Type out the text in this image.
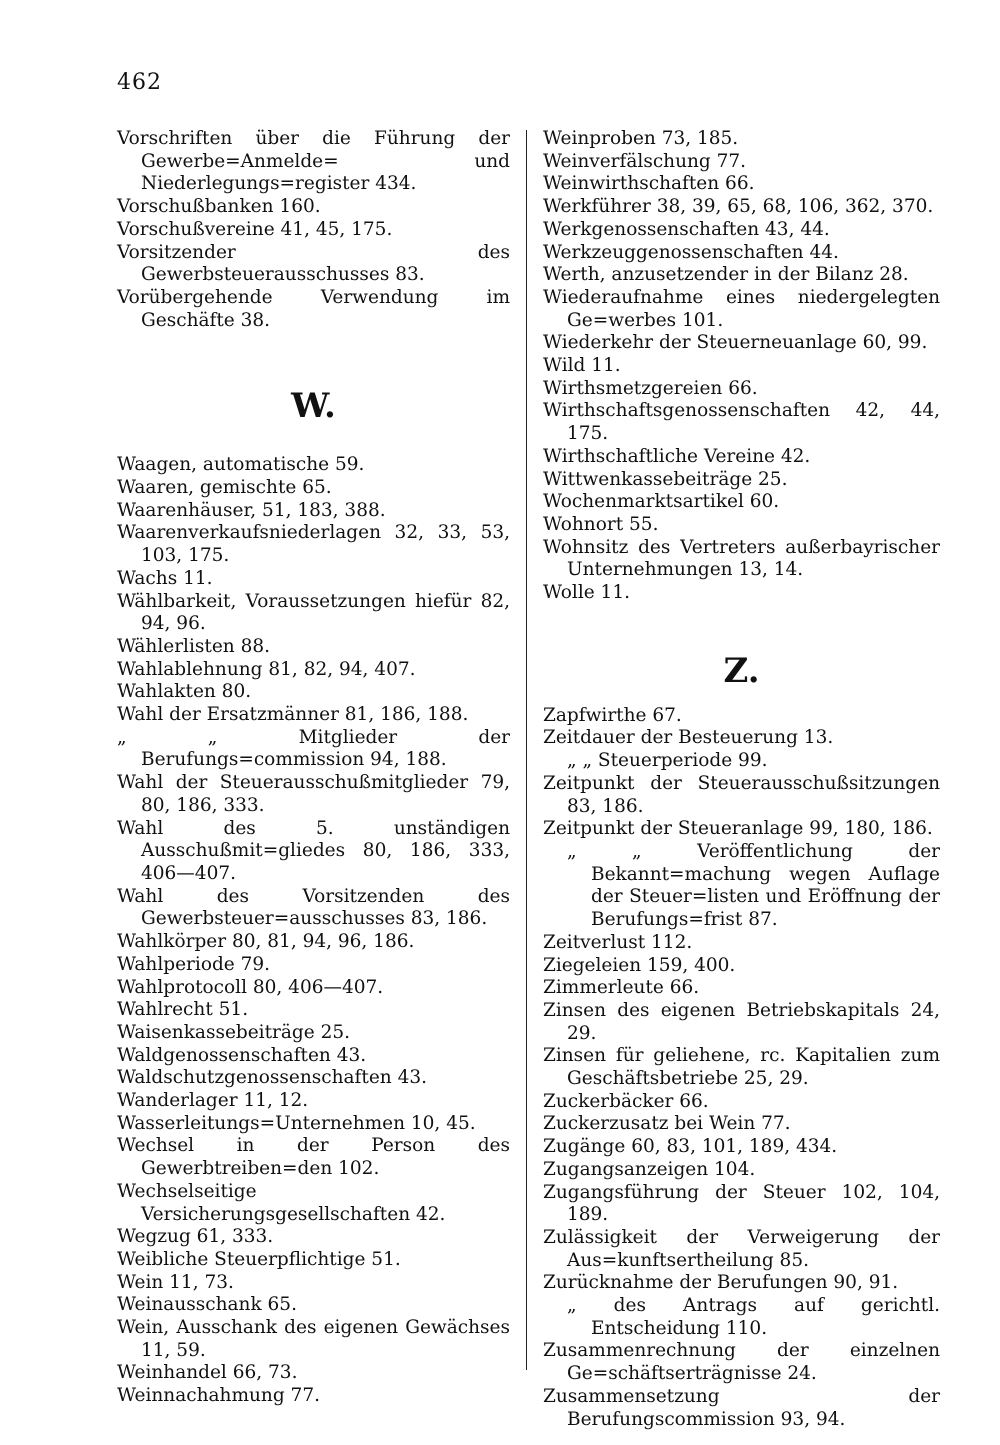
462
Vorschriften über die Führung der Gewerbe=Anmelde= und Niederlegungs=register 434.
Vorschußbanken 160.
Vorschußvereine 41, 45, 175.
Vorsitzender des Gewerbsteuerausschusses 83.
Vorübergehende Verwendung im Geschäfte 38.
W.
Waagen, automatische 59.
Waaren, gemischte 65.
Waarenhäuser, 51, 183, 388.
Waarenverkaufsniederlagen 32, 33, 53, 103, 175.
Wachs 11.
Wählbarkeit, Voraussetzungen hiefür 82, 94, 96.
Wählerlisten 88.
Wahlablehnung 81, 82, 94, 407.
Wahlakten 80.
Wahl der Ersatzmänner 81, 186, 188.
„ „ Mitglieder der Berufungs=commission 94, 188.
Wahl der Steuerausschußmitglieder 79, 80, 186, 333.
Wahl des 5. unständigen Ausschußmit=gliedes 80, 186, 333, 406—407.
Wahl des Vorsitzenden des Gewerbsteuer=ausschusses 83, 186.
Wahlkörper 80, 81, 94, 96, 186.
Wahlperiode 79.
Wahlprotocoll 80, 406—407.
Wahlrecht 51.
Waisenkassebeiträge 25.
Waldgenossenschaften 43.
Waldschutzgenossenschaften 43.
Wanderlager 11, 12.
Wasserleitungs=Unternehmen 10, 45.
Wechsel in der Person des Gewerbtreiben=den 102.
Wechselseitige Versicherungsgesellschaften 42.
Wegzug 61, 333.
Weibliche Steuerpflichtige 51.
Wein 11, 73.
Weinausschank 65.
Wein, Ausschank des eigenen Gewächses 11, 59.
Weinhandel 66, 73.
Weinnachahmung 77.
Weinproben 73, 185.
Weinverfälschung 77.
Weinwirthschaften 66.
Werkführer 38, 39, 65, 68, 106, 362, 370.
Werkgenossenschaften 43, 44.
Werkzeuggenossenschaften 44.
Werth, anzusetzender in der Bilanz 28.
Wiederaufnahme eines niedergelegten Ge=werbes 101.
Wiederkehr der Steuerneuanlage 60, 99.
Wild 11.
Wirthsmetzgereien 66.
Wirthschaftsgenossenschaften 42, 44, 175.
Wirthschaftliche Vereine 42.
Wittwenkassebeiträge 25.
Wochenmarktsartikel 60.
Wohnort 55.
Wohnsitz des Vertreters außerbayrischer Unternehmungen 13, 14.
Wolle 11.
Z.
Zapfwirthe 67.
Zeitdauer der Besteuerung 13.
„ „ Steuerperiode 99.
Zeitpunkt der Steuerausschußsitzungen 83, 186.
Zeitpunkt der Steueranlage 99, 180, 186.
„ „ Veröffentlichung der Bekannt=machung wegen Auflage der Steuer=listen und Eröffnung der Berufungs=frist 87.
Zeitverlust 112.
Ziegeleien 159, 400.
Zimmerleute 66.
Zinsen des eigenen Betriebskapitals 24, 29.
Zinsen für geliehene, rc. Kapitalien zum Geschäftsbetriebe 25, 29.
Zuckerbäcker 66.
Zuckerzusatz bei Wein 77.
Zugänge 60, 83, 101, 189, 434.
Zugangsanzeigen 104.
Zugangsführung der Steuer 102, 104, 189.
Zulässigkeit der Verweigerung der Aus=kunftsertheilung 85.
Zurücknahme der Berufungen 90, 91.
„ des Antrags auf gerichtl. Entscheidung 110.
Zusammenrechnung der einzelnen Ge=schäftserträgnisse 24.
Zusammensetzung der Berufungscommission 93, 94.
